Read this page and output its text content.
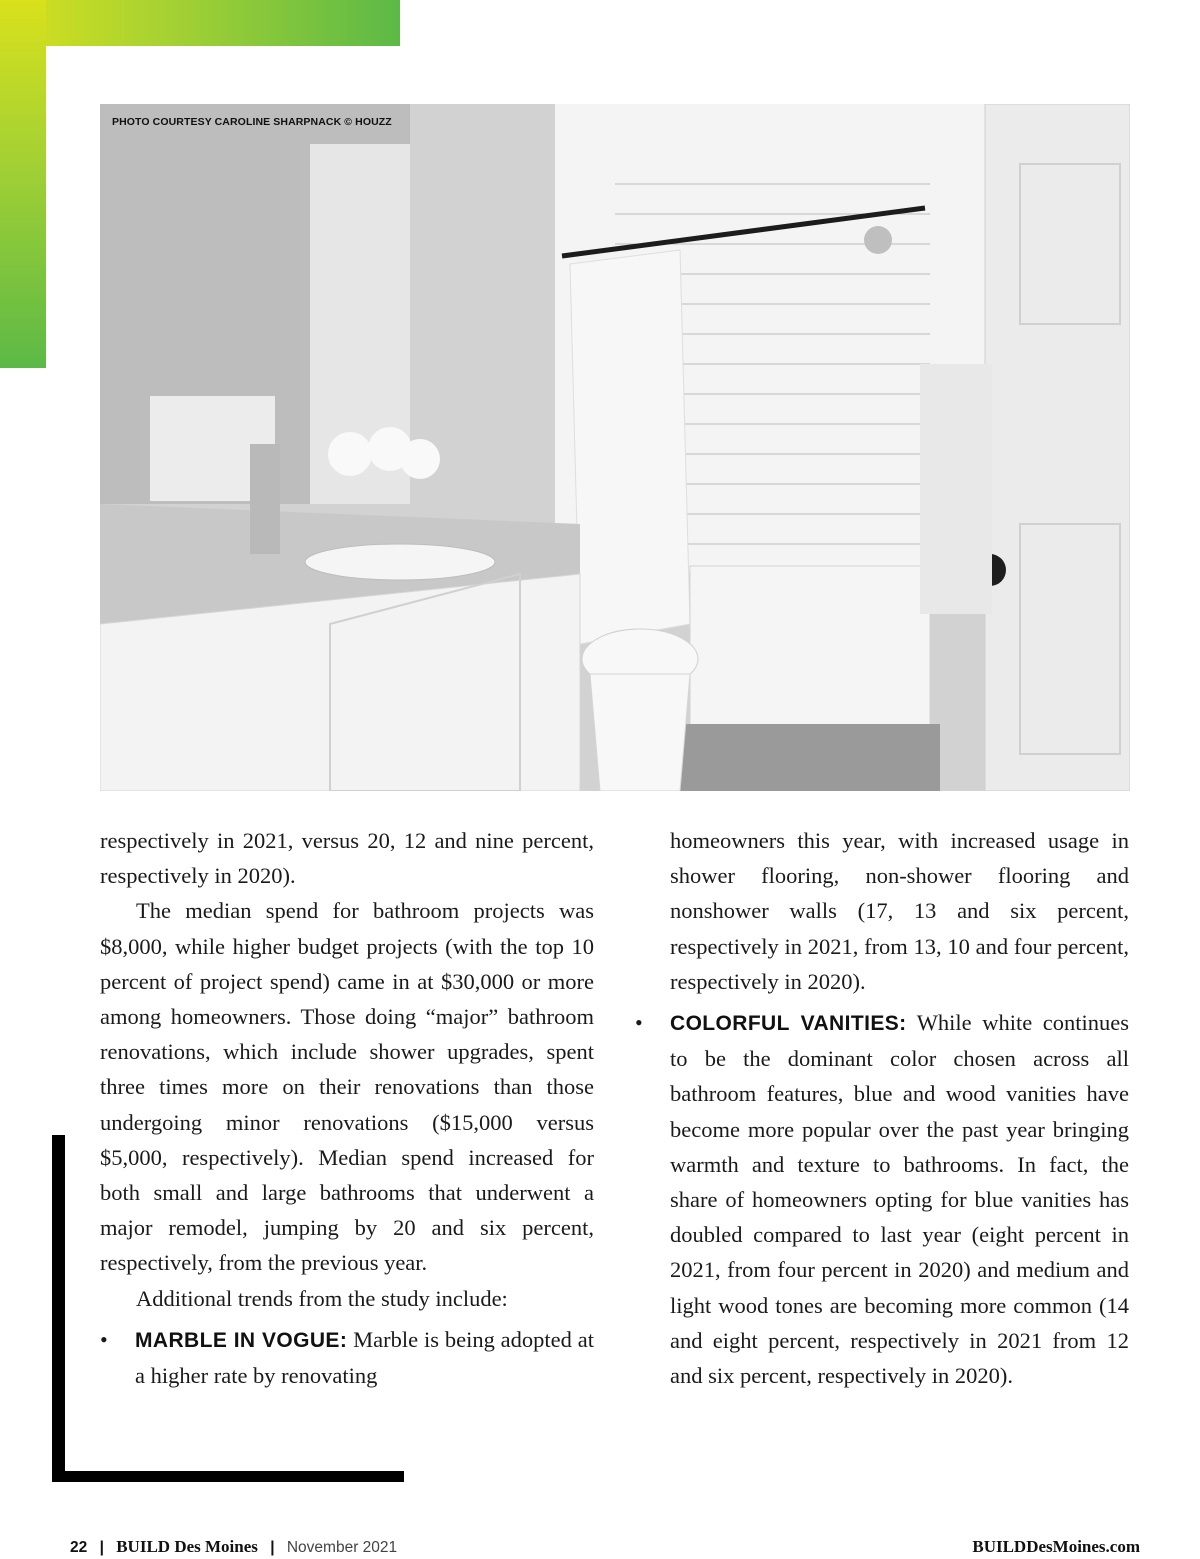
PHOTO COURTESY CAROLINE SHARPNACK © HOUZZ

respectively in 2021, versus 20, 12 and nine percent, respectively in 2020).

The median spend for bathroom projects was $8,000, while higher budget projects (with the top 10 percent of project spend) came in at $30,000 or more among homeowners. Those doing “major” bathroom renovations, which include shower upgrades, spent three times more on their renovations than those undergoing minor renovations ($15,000 versus $5,000, respectively). Median spend increased for both small and large bathrooms that underwent a major remodel, jumping by 20 and six percent, respectively, from the previous year.

Additional trends from the study include:

• MARBLE IN VOGUE: Marble is being adopted at a higher rate by renovating

homeowners this year, with increased usage in shower flooring, non-shower flooring and nonshower walls (17, 13 and six percent, respectively in 2021, from 13, 10 and four percent, respectively in 2020).

• COLORFUL VANITIES: While white continues to be the dominant color chosen across all bathroom features, blue and wood vanities have become more popular over the past year bringing warmth and texture to bathrooms. In fact, the share of homeowners opting for blue vanities has doubled compared to last year (eight percent in 2021, from four percent in 2020) and medium and light wood tones are becoming more common (14 and eight percent, respectively in 2021 from 12 and six percent, respectively in 2020).

22 | BUILD Des Moines | November 2021	BUILDDesMoines.com
